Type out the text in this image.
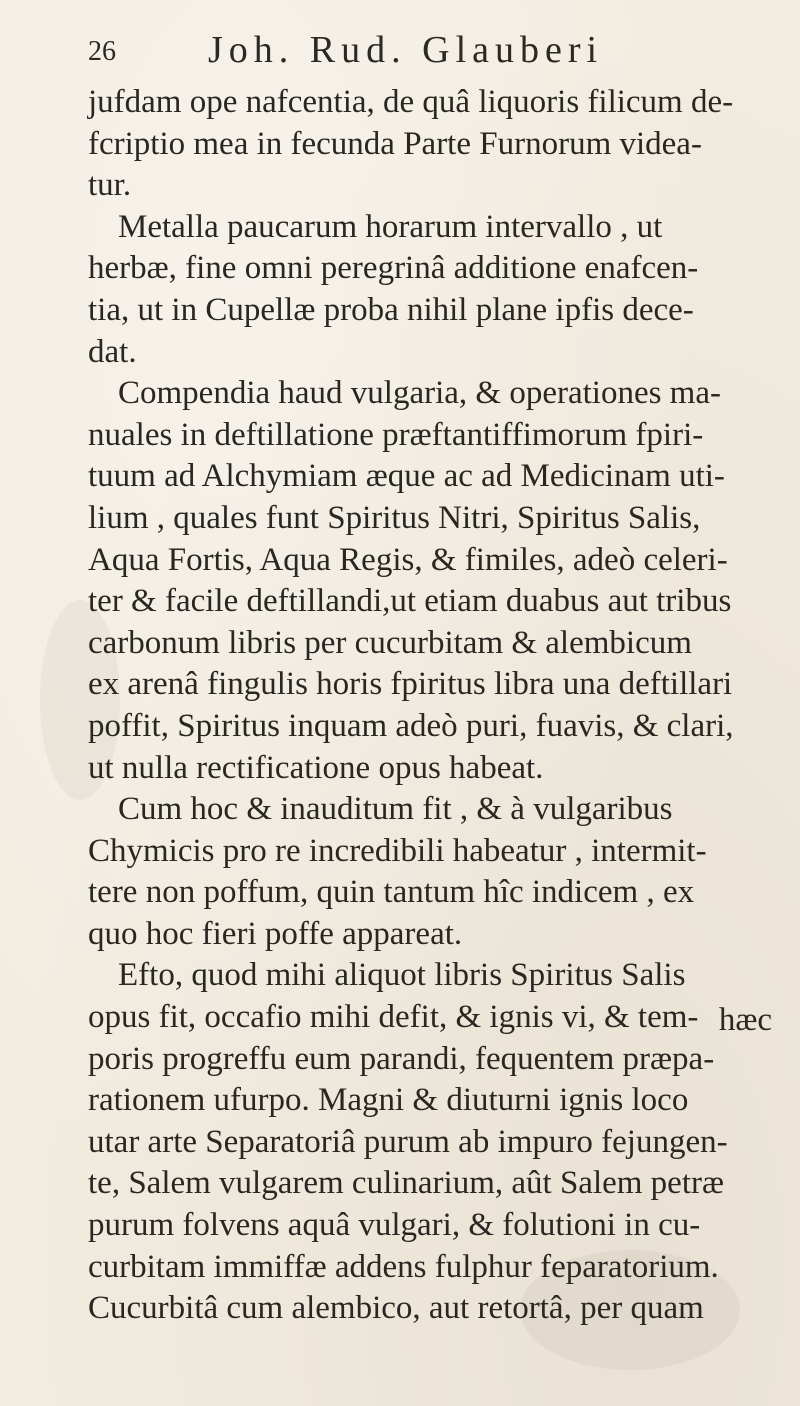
26 Joh. Rud. Glauberi
jufdam ope nafcentia, de quâ liquoris filicum de-
fcriptio mea in fecunda Parte Furnorum videa-
tur.
Metalla paucarum horarum intervallo , ut
herbæ, fine omni peregrinâ additione enafcen-
tia, ut in Cupellæ proba nihil plane ipfis dece-
dat.
Compendia haud vulgaria, & operationes ma-
nuales in deftillatione præftantiffimorum fpiri-
tuum ad Alchymiam æque ac ad Medicinam uti-
lium , quales funt Spiritus Nitri, Spiritus Salis,
Aqua Fortis, Aqua Regis, & fimiles, adeò celeri-
ter & facile deftillandi,ut etiam duabus aut tribus
carbonum libris per cucurbitam & alembicum
ex arenâ fingulis horis fpiritus libra una deftillari
poffit, Spiritus inquam adeò puri, fuavis, & clari,
ut nulla rectificatione opus habeat.
Cum hoc & inauditum fit , & à vulgaribus
Chymicis pro re incredibili habeatur , intermit-
tere non poffum, quin tantum hîc indicem , ex
quo hoc fieri poffe appareat.
Efto, quod mihi aliquot libris Spiritus Salis
opus fit, occafio mihi defit, & ignis vi, & tem-
poris progreffu eum parandi, fequentem præpa-
rationem ufurpo. Magni & diuturni ignis loco
utar arte Separatoriâ purum ab impuro fejungen-
te, Salem vulgarem culinarium, aût Salem petræ
purum folvens aquâ vulgari, & folutioni in cu-
curbitam immiffæ addens fulphur feparatorium.
Cucurbitâ cum alembico, aut retortâ, per quam
hæc
